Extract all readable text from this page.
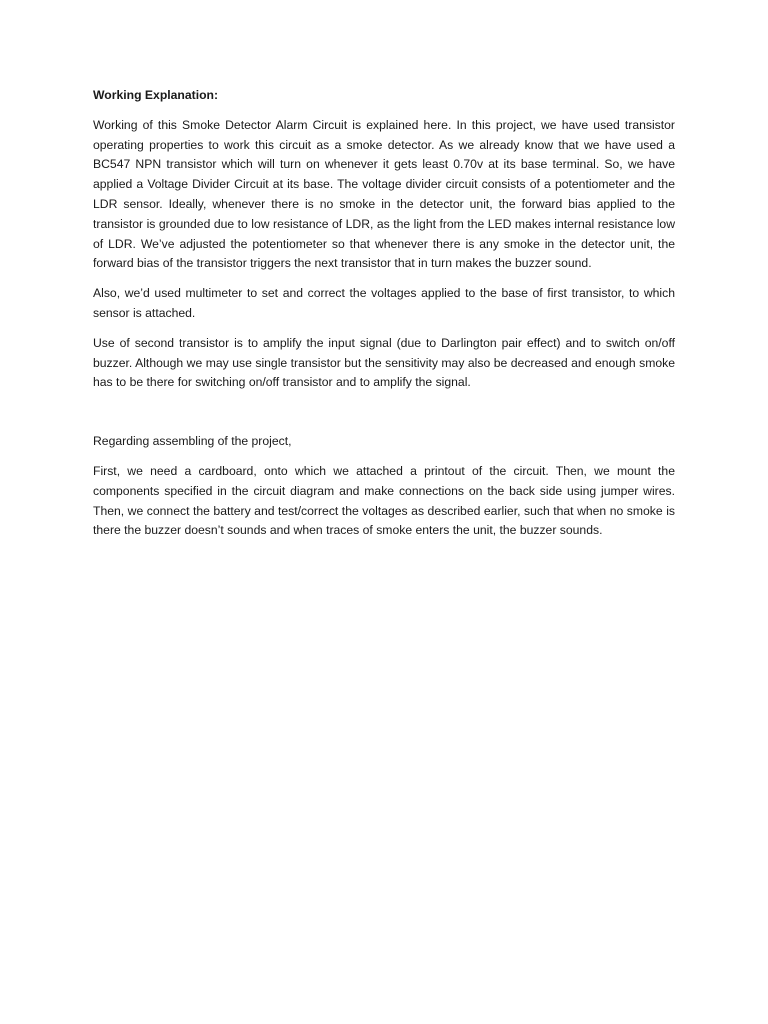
Working Explanation:

Working of this Smoke Detector Alarm Circuit is explained here. In this project, we have used transistor operating properties to work this circuit as a smoke detector. As we already know that we have used a BC547 NPN transistor which will turn on whenever it gets least 0.70v at its base terminal. So, we have applied a Voltage Divider Circuit at its base. The voltage divider circuit consists of a potentiometer and the LDR sensor. Ideally, whenever there is no smoke in the detector unit, the forward bias applied to the transistor is grounded due to low resistance of LDR, as the light from the LED makes internal resistance low of LDR. We’ve adjusted the potentiometer so that whenever there is any smoke in the detector unit, the forward bias of the transistor triggers the next transistor that in turn makes the buzzer sound.

Also, we’d used multimeter to set and correct the voltages applied to the base of first transistor, to which sensor is attached.

Use of second transistor is to amplify the input signal (due to Darlington pair effect) and to switch on/off buzzer. Although we may use single transistor but the sensitivity may also be decreased and enough smoke has to be there for switching on/off transistor and to amplify the signal.

Regarding assembling of the project,

First, we need a cardboard, onto which we attached a printout of the circuit. Then, we mount the components specified in the circuit diagram and make connections on the back side using jumper wires. Then, we connect the battery and test/correct the voltages as described earlier, such that when no smoke is there the buzzer doesn’t sounds and when traces of smoke enters the unit, the buzzer sounds.
